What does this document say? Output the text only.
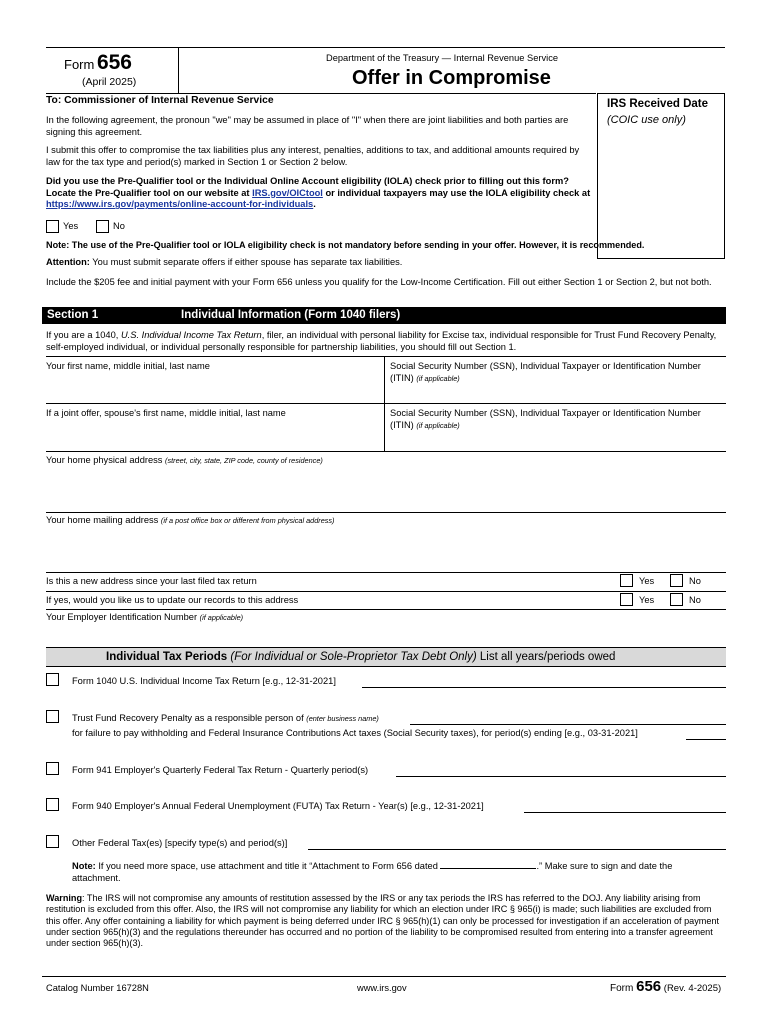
Form 656
(April 2025)
Department of the Treasury — Internal Revenue Service
Offer in Compromise
IRS Received Date
(COIC use only)
To: Commissioner of Internal Revenue Service
In the following agreement, the pronoun "we" may be assumed in place of "I" when there are joint liabilities and both parties are signing this agreement.
I submit this offer to compromise the tax liabilities plus any interest, penalties, additions to tax, and additional amounts required by law for the tax type and period(s) marked in Section 1 or Section 2 below.
Did you use the Pre-Qualifier tool or the Individual Online Account eligibility (IOLA) check prior to filling out this form? Locate the Pre-Qualifier tool on our website at IRS.gov/OICtool or individual taxpayers may use the IOLA eligibility check at https://www.irs.gov/payments/online-account-for-individuals.
Yes	No
Note: The use of the Pre-Qualifier tool or IOLA eligibility check is not mandatory before sending in your offer. However, it is recommended.
Attention: You must submit separate offers if either spouse has separate tax liabilities.
Include the $205 fee and initial payment with your Form 656 unless you qualify for the Low-Income Certification. Fill out either Section 1 or Section 2, but not both.
Section 1	Individual Information (Form 1040 filers)
If you are a 1040, U.S. Individual Income Tax Return, filer, an individual with personal liability for Excise tax, individual responsible for Trust Fund Recovery Penalty, self-employed individual, or individual personally responsible for partnership liabilities, you should fill out Section 1.
Your first name, middle initial, last name	Social Security Number (SSN), Individual Taxpayer or Identification Number (ITIN) (if applicable)
If a joint offer, spouse's first name, middle initial, last name	Social Security Number (SSN), Individual Taxpayer or Identification Number (ITIN) (if applicable)
Your home physical address (street, city, state, ZIP code, county of residence)
Your home mailing address (if a post office box or different from physical address)
Is this a new address since your last filed tax return	Yes	No
If yes, would you like us to update our records to this address	Yes	No
Your Employer Identification Number (if applicable)
Individual Tax Periods (For Individual or Sole-Proprietor Tax Debt Only) List all years/periods owed
Form 1040 U.S. Individual Income Tax Return [e.g., 12-31-2021]
Trust Fund Recovery Penalty as a responsible person of (enter business name)
for failure to pay withholding and Federal Insurance Contributions Act taxes (Social Security taxes), for period(s) ending [e.g., 03-31-2021]
Form 941 Employer's Quarterly Federal Tax Return - Quarterly period(s)
Form 940 Employer's Annual Federal Unemployment (FUTA) Tax Return - Year(s) [e.g., 12-31-2021]
Other Federal Tax(es) [specify type(s) and period(s)]
Note: If you need more space, use attachment and title it “Attachment to Form 656 dated	.” Make sure to sign and date the attachment.
Warning: The IRS will not compromise any amounts of restitution assessed by the IRS or any tax periods the IRS has referred to the DOJ. Any liability arising from restitution is excluded from this offer. Also, the IRS will not compromise any liability for which an election under IRC § 965(i) is made; such liabilities are excluded from this offer. Any offer containing a liability for which payment is being deferred under IRC § 965(h)(1) can only be processed for investigation if an acceleration of payment under section 965(h)(3) and the regulations thereunder has occurred and no portion of the liability to be compromised resulted from entering into a transfer agreement under section 965(h)(3).
Catalog Number 16728N	www.irs.gov	Form 656 (Rev. 4-2025)
